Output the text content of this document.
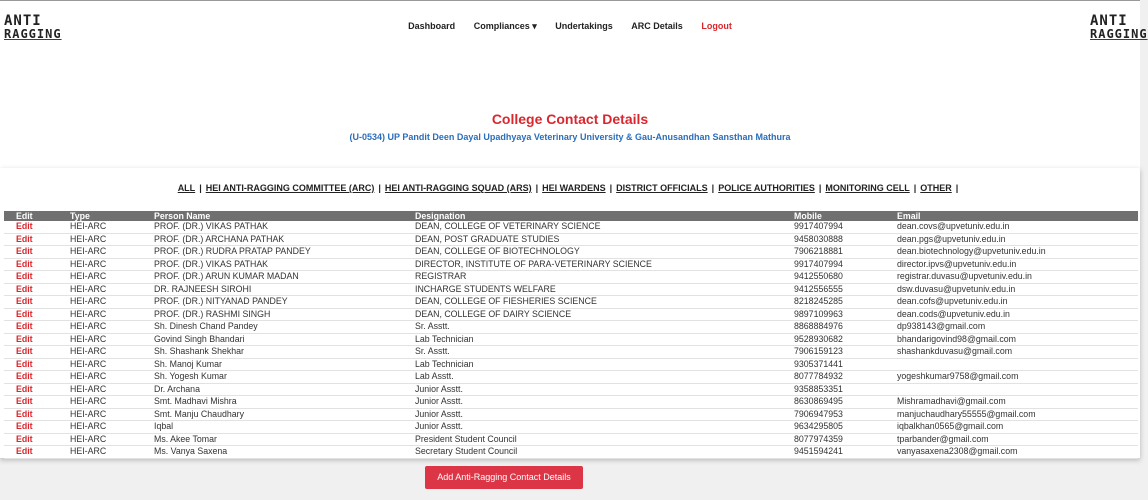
ANTI
RAGGING
Dashboard Compliances ▾ Undertakings ARC Details Logout	ANTI
RAGGING
College Contact Details
(U-0534) UP Pandit Deen Dayal Upadhyaya Veterinary University & Gau-Anusandhan Sansthan Mathura
ALL | HEI ANTI-RAGGING COMMITTEE (ARC) | HEI ANTI-RAGGING SQUAD (ARS) | HEI WARDENS | DISTRICT OFFICIALS | POLICE AUTHORITIES | MONITORING CELL | OTHER |
Edit	Type	Person Name	Designation	Mobile	Email
Edit	HEI-ARC	PROF. (DR.) VIKAS PATHAK	DEAN, COLLEGE OF VETERINARY SCIENCE	9917407994	dean.covs@upvetuniv.edu.in
Edit	HEI-ARC	PROF. (DR.) ARCHANA PATHAK	DEAN, POST GRADUATE STUDIES	9458030888	dean.pgs@upvetuniv.edu.in
Edit	HEI-ARC	PROF. (DR.) RUDRA PRATAP PANDEY	DEAN, COLLEGE OF BIOTECHNOLOGY	7906218881	dean.biotechnology@upvetuniv.edu.in
Edit	HEI-ARC	PROF. (DR.) VIKAS PATHAK	DIRECTOR, INSTITUTE OF PARA-VETERINARY SCIENCE	9917407994	director.ipvs@upvetuniv.edu.in
Edit	HEI-ARC	PROF. (DR.) ARUN KUMAR MADAN	REGISTRAR	9412550680	registrar.duvasu@upvetuniv.edu.in
Edit	HEI-ARC	DR. RAJNEESH SIROHI	INCHARGE STUDENTS WELFARE	9412556555	dsw.duvasu@upvetuniv.edu.in
Edit	HEI-ARC	PROF. (DR.) NITYANAD PANDEY	DEAN, COLLEGE OF FIESHERIES SCIENCE	8218245285	dean.cofs@upvetuniv.edu.in
Edit	HEI-ARC	PROF. (DR.) RASHMI SINGH	DEAN, COLLEGE OF DAIRY SCIENCE	9897109963	dean.cods@upvetuniv.edu.in
Edit	HEI-ARC	Sh. Dinesh Chand Pandey	Sr. Asstt.	8868884976	dp938143@gmail.com
Edit	HEI-ARC	Govind Singh Bhandari	Lab Technician	9528930682	bhandarigovind98@gmail.com
Edit	HEI-ARC	Sh. Shashank Shekhar	Sr. Asstt.	7906159123	shashankduvasu@gmail.com
Edit	HEI-ARC	Sh. Manoj Kumar	Lab Technician	9305371441	
Edit	HEI-ARC	Sh. Yogesh Kumar	Lab Asstt.	8077784932	yogeshkumar9758@gmail.com
Edit	HEI-ARC	Dr. Archana	Junior Asstt.	9358853351	
Edit	HEI-ARC	Smt. Madhavi Mishra	Junior Asstt.	8630869495	Mishramadhavi@gmail.com
Edit	HEI-ARC	Smt. Manju Chaudhary	Junior Asstt.	7906947953	manjuchaudhary55555@gmail.com
Edit	HEI-ARC	Iqbal	Junior Asstt.	9634295805	iqbalkhan0565@gmail.com
Edit	HEI-ARC	Ms. Akee Tomar	President Student Council	8077974359	tparbander@gmail.com
Edit	HEI-ARC	Ms. Vanya Saxena	Secretary Student Council	9451594241	vanyasaxena2308@gmail.com
Add Anti-Ragging Contact Details
